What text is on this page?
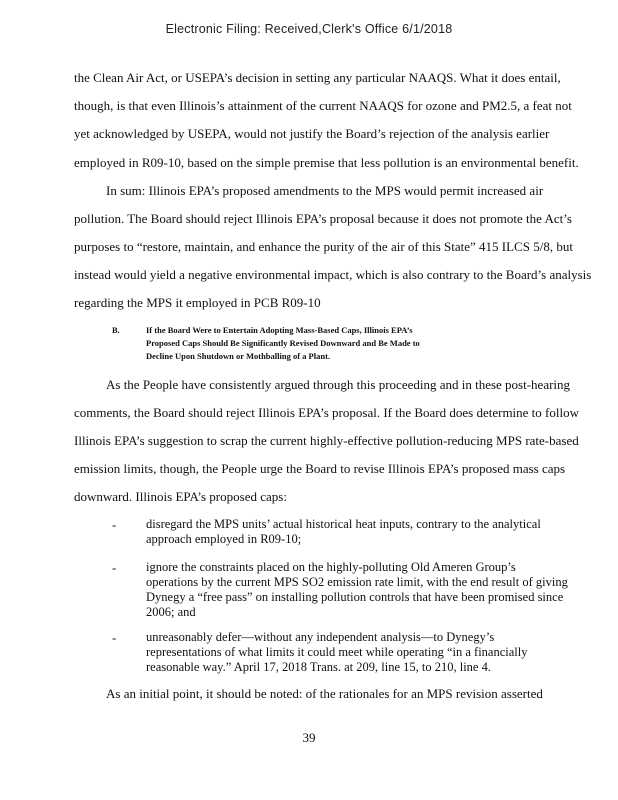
Electronic Filing: Received,Clerk's Office 6/1/2018
the Clean Air Act, or USEPA’s decision in setting any particular NAAQS. What it does entail,
though, is that even Illinois’s attainment of the current NAAQS for ozone and PM2.5, a feat not
yet acknowledged by USEPA, would not justify the Board’s rejection of the analysis earlier
employed in R09-10, based on the simple premise that less pollution is an environmental benefit.
In sum: Illinois EPA’s proposed amendments to the MPS would permit increased air
pollution. The Board should reject Illinois EPA’s proposal because it does not promote the Act’s
purposes to “restore, maintain, and enhance the purity of the air of this State” 415 ILCS 5/8, but
instead would yield a negative environmental impact, which is also contrary to the Board’s analysis
regarding the MPS it employed in PCB R09-10
B.	If the Board Were to Entertain Adopting Mass-Based Caps, Illinois EPA’s
Proposed Caps Should Be Significantly Revised Downward and Be Made to
Decline Upon Shutdown or Mothballing of a Plant.
As the People have consistently argued through this proceeding and in these post-hearing
comments, the Board should reject Illinois EPA’s proposal. If the Board does determine to follow
Illinois EPA’s suggestion to scrap the current highly-effective pollution-reducing MPS rate-based
emission limits, though, the People urge the Board to revise Illinois EPA’s proposed mass caps
downward. Illinois EPA’s proposed caps:
- disregard the MPS units’ actual historical heat inputs, contrary to the analytical
approach employed in R09-10;
- ignore the constraints placed on the highly-polluting Old Ameren Group’s
operations by the current MPS SO2 emission rate limit, with the end result of giving
Dynegy a “free pass” on installing pollution controls that have been promised since
2006; and
- unreasonably defer—without any independent analysis—to Dynegy’s
representations of what limits it could meet while operating “in a financially
reasonable way.” April 17, 2018 Trans. at 209, line 15, to 210, line 4.
As an initial point, it should be noted: of the rationales for an MPS revision asserted
39
